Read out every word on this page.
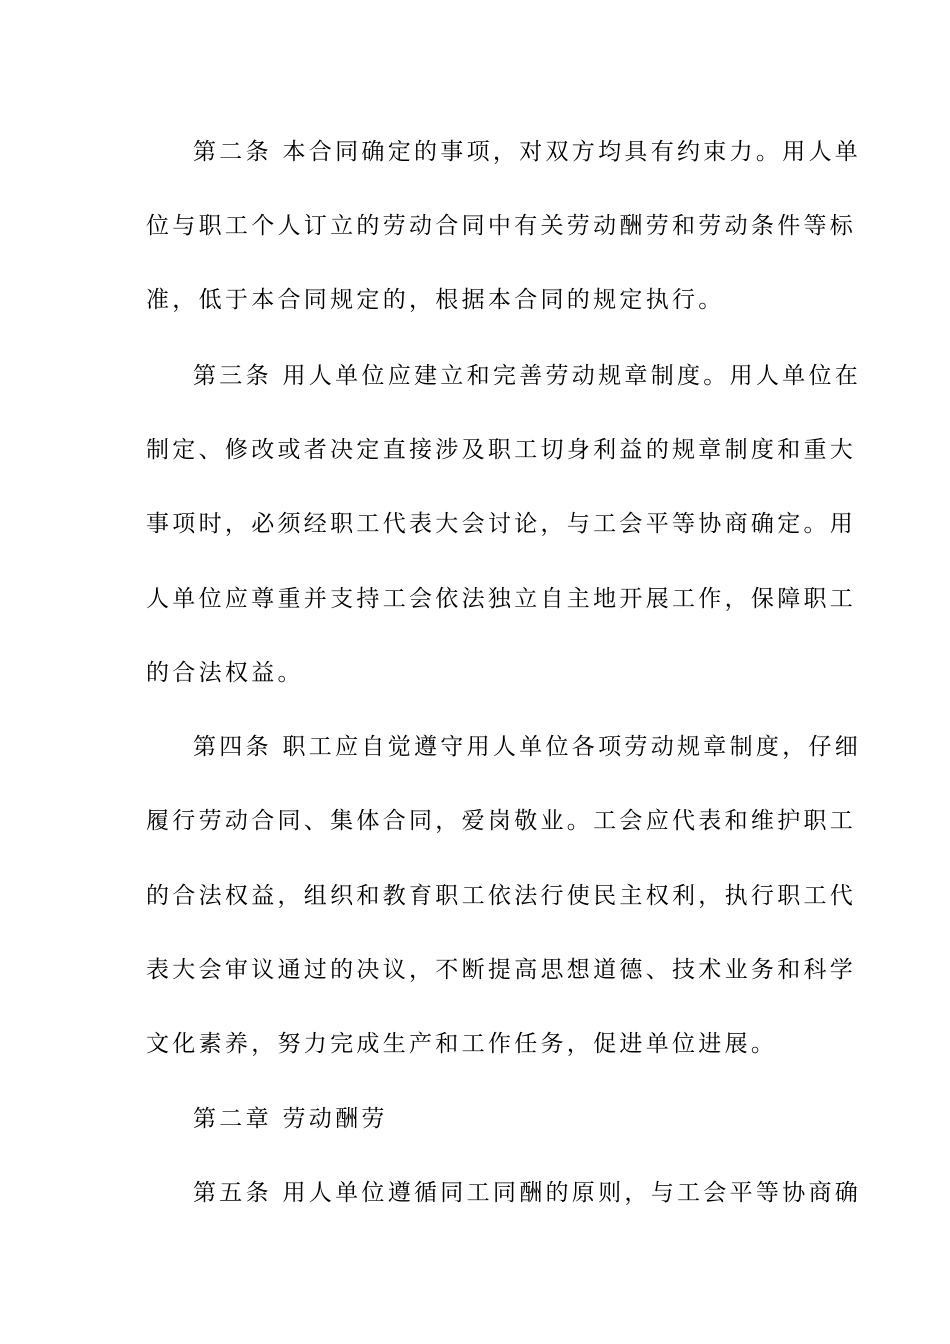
第二条 本合同确定的事项，对双方均具有约束力。用人单
位与职工个人订立的劳动合同中有关劳动酬劳和劳动条件等标
准，低于本合同规定的，根据本合同的规定执行。
第三条 用人单位应建立和完善劳动规章制度。用人单位在
制定、修改或者决定直接涉及职工切身利益的规章制度和重大
事项时，必须经职工代表大会讨论，与工会平等协商确定。用
人单位应尊重并支持工会依法独立自主地开展工作，保障职工
的合法权益。
第四条 职工应自觉遵守用人单位各项劳动规章制度，仔细
履行劳动合同、集体合同，爱岗敬业。工会应代表和维护职工
的合法权益，组织和教育职工依法行使民主权利，执行职工代
表大会审议通过的决议，不断提高思想道德、技术业务和科学
文化素养，努力完成生产和工作任务，促进单位进展。
第二章 劳动酬劳
第五条 用人单位遵循同工同酬的原则，与工会平等协商确
